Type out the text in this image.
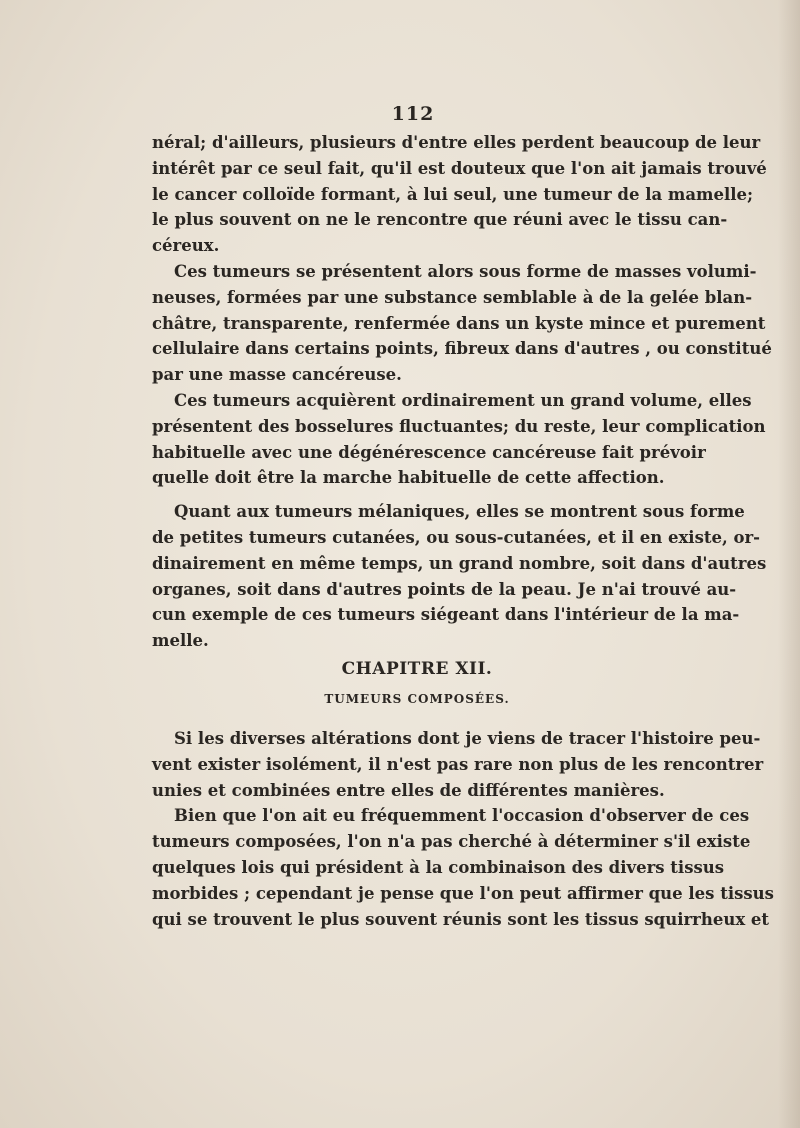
112
néral; d'ailleurs, plusieurs d'entre elles perdent beaucoup de leur
intérêt par ce seul fait, qu'il est douteux que l'on ait jamais trouvé
le cancer colloïde formant, à lui seul, une tumeur de la mamelle;
le plus souvent on ne le rencontre que réuni avec le tissu can-
céreux.
Ces tumeurs se présentent alors sous forme de masses volumi-
neuses, formées par une substance semblable à de la gelée blan-
châtre, transparente, renfermée dans un kyste mince et purement
cellulaire dans certains points, fibreux dans d'autres , ou constitué
par une masse cancéreuse.
Ces tumeurs acquièrent ordinairement un grand volume, elles
présentent des bosselures fluctuantes; du reste, leur complication
habituelle avec une dégénérescence cancéreuse fait prévoir
quelle doit être la marche habituelle de cette affection.
Quant aux tumeurs mélaniques, elles se montrent sous forme
de petites tumeurs cutanées, ou sous-cutanées, et il en existe, or-
dinairement en même temps, un grand nombre, soit dans d'autres
organes, soit dans d'autres points de la peau. Je n'ai trouvé au-
cun exemple de ces tumeurs siégeant dans l'intérieur de la ma-
melle.
CHAPITRE XII.
TUMEURS COMPOSÉES.
Si les diverses altérations dont je viens de tracer l'histoire peu-
vent exister isolément, il n'est pas rare non plus de les rencontrer
unies et combinées entre elles de différentes manières.
Bien que l'on ait eu fréquemment l'occasion d'observer de ces
tumeurs composées, l'on n'a pas cherché à déterminer s'il existe
quelques lois qui président à la combinaison des divers tissus
morbides ; cependant je pense que l'on peut affirmer que les tissus
qui se trouvent le plus souvent réunis sont les tissus squirrheux et
